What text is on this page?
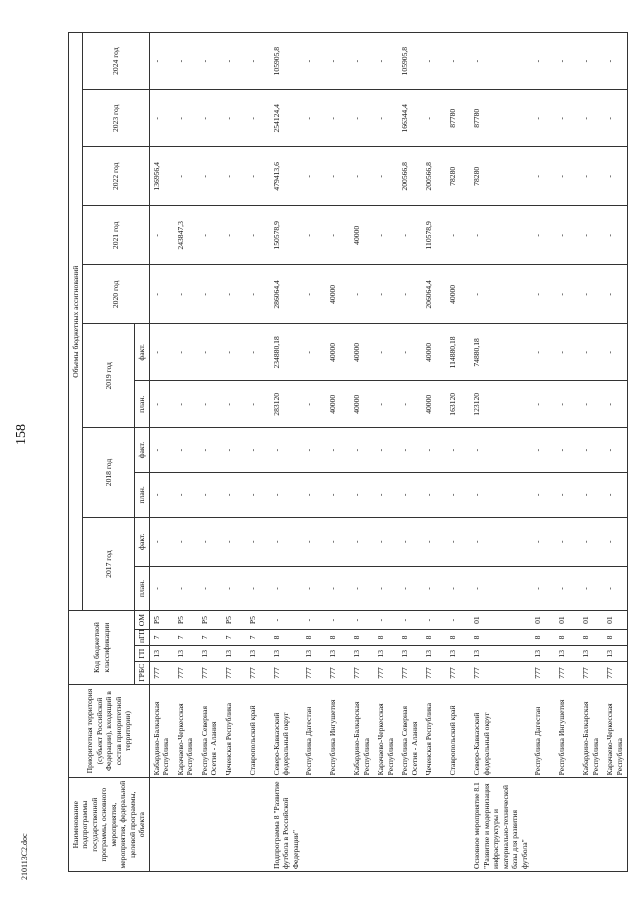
158
210113С2.doc
Наименование подпрограммы государственной программы, основного мероприятия, мероприятия, федеральной целевой программы, объекта	Приоритетная территория (субъект Российской Федерации), входящий в состав приоритетной территории)	Код бюджетной классификации				Объемы бюджетных ассигнований										
						2017 год		2018 год		2019 год		2020 год	2021 год	2022 год	2023 год	2024 год
		ГРБС	ГП	пГП	ОМ	план.	факт.	план.	факт.	план.	факт.					
	Кабардино-Балкарская Республика	777	13	7	P5	-	-	-	-	-	-	-	-	136956,4	-	-
	Карачаево-Черкесская Республика	777	13	7	P5	-	-	-	-	-	-	-	243847,3	-	-	-
	Республика Северная Осетия - Алания	777	13	7	P5	-	-	-	-	-	-	-	-	-	-	-
	Чеченская Республика	777	13	7	P5	-	-	-	-	-	-	-	-	-	-	-
	Ставропольский край	777	13	7	P5	-	-	-	-	-	-	-	-	-	-	-
Подпрограмма 8 "Развитие футбола в Российской Федерации"	Северо-Кавказский федеральный округ	777	13	8	-	-	-	-	-	283120	234880,18	286064,4	150578,9	479413,6	254124,4	105905,8
	Республика Дагестан	777	13	8	-	-	-	-	-	-	-	-	-	-	-	-
	Республика Ингушетия	777	13	8	-	-	-	-	-	40000	40000	40000	-	-	-	-
	Кабардино-Балкарская Республика	777	13	8	-	-	-	-	-	40000	40000	-	40000	-	-	-
	Карачаево-Черкесская Республика	777	13	8	-	-	-	-	-	-	-	-	-	-	-	-
	Республика Северная Осетия - Алания	777	13	8	-	-	-	-	-	-	-	-	-	200566,8	166344,4	105905,8
	Чеченская Республика	777	13	8	-	-	-	-	-	40000	40000	206064,4	110578,9	200566,8	-	-
	Ставропольский край	777	13	8	-	-	-	-	-	163120	114880,18	40000	-	78280	87780	-
Основное мероприятие 8.1 "Развитие и модернизация инфраструктуры и материально-технической базы для развития футбола"	Северо-Кавказский федеральный округ	777	13	8	01	-	-	-	-	123120	74880,18	-	-	78280	87780	-
	Республика Дагестан	777	13	8	01	-	-	-	-	-	-	-	-	-	-	-
	Республика Ингушетия	777	13	8	01	-	-	-	-	-	-	-	-	-	-	-
	Кабардино-Балкарская Республика	777	13	8	01	-	-	-	-	-	-	-	-	-	-	-
	Карачаево-Черкесская Республика	777	13	8	01	-	-	-	-	-	-	-	-	-	-	-
